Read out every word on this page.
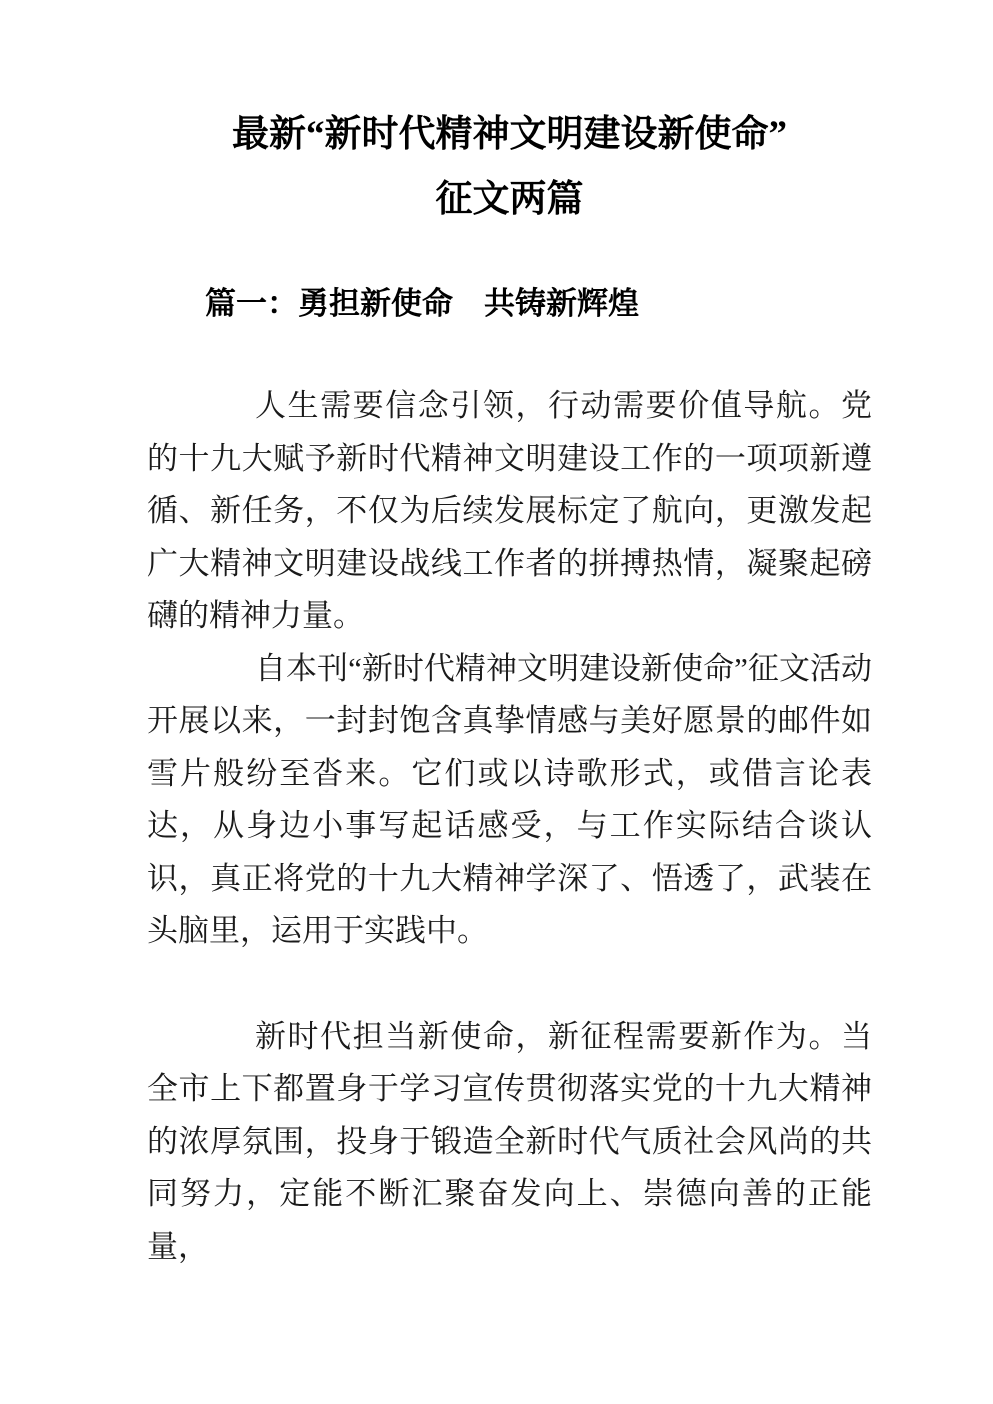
最新“新时代精神文明建设新使命”
征文两篇
篇一：勇担新使命　共铸新辉煌

人生需要信念引领，行动需要价值导航。党的十九大赋予新时代精神文明建设工作的一项项新遵循、新任务，不仅为后续发展标定了航向，更激发起广大精神文明建设战线工作者的拼搏热情，凝聚起磅礴的精神力量。

自本刊“新时代精神文明建设新使命”征文活动开展以来，一封封饱含真挚情感与美好愿景的邮件如雪片般纷至沓来。它们或以诗歌形式，或借言论表达，从身边小事写起话感受，与工作实际结合谈认识，真正将党的十九大精神学深了、悟透了，武装在头脑里，运用于实践中。

新时代担当新使命，新征程需要新作为。当全市上下都置身于学习宣传贯彻落实党的十九大精神的浓厚氛围，投身于锻造全新时代气质社会风尚的共同努力，定能不断汇聚奋发向上、崇德向善的正能量，
